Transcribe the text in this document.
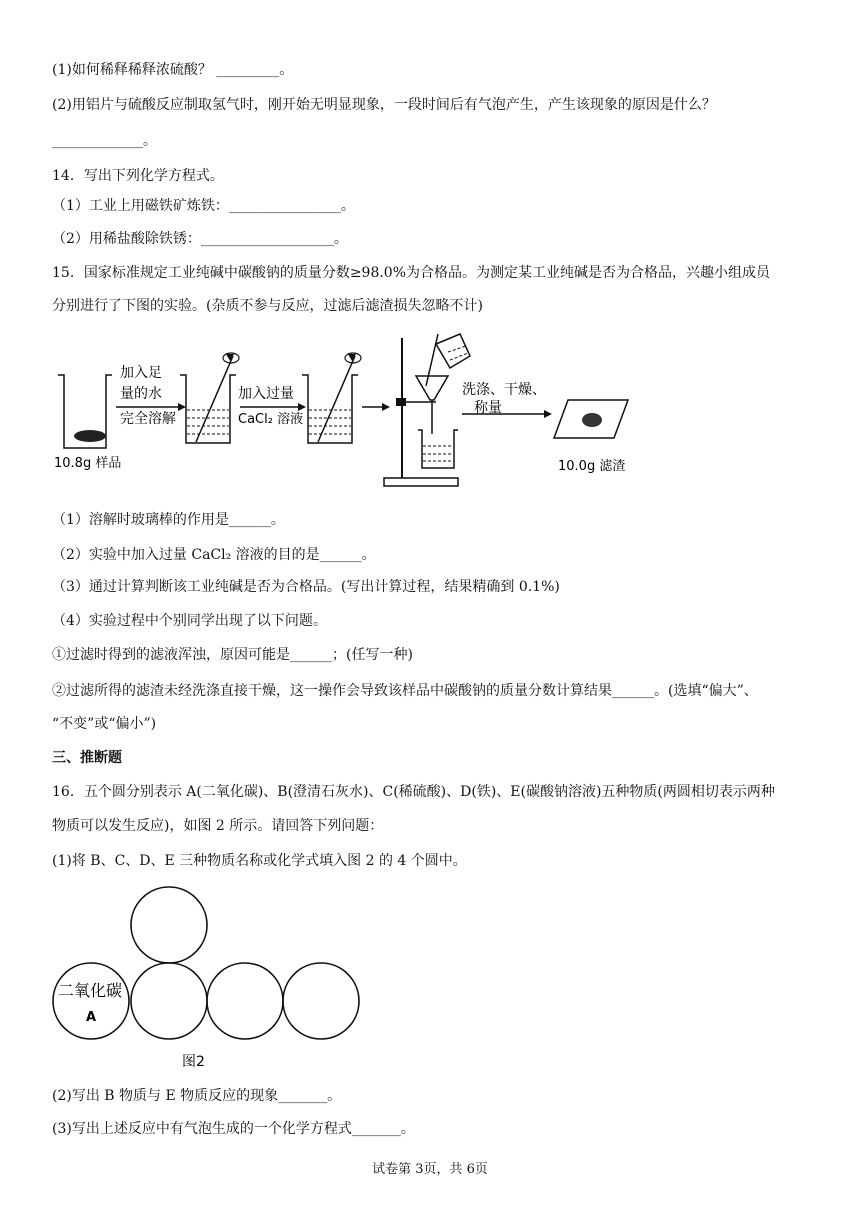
(1)如何稀释稀释浓硫酸？ _________。
(2)用铝片与硫酸反应制取氢气时，刚开始无明显现象，一段时间后有气泡产生，产生该现象的原因是什么？
_____________。
14．写出下列化学方程式。
（1）工业上用磁铁矿炼铁：________________。
（2）用稀盐酸除铁锈：___________________。
15．国家标准规定工业纯碱中碳酸钠的质量分数≥98.0%为合格品。为测定某工业纯碱是否为合格品，兴趣小组成员
分别进行了下图的实验。(杂质不参与反应，过滤后滤渣损失忽略不计)
10.8g 样品
加入足
量的水
完全溶解
加入过量
CaCl₂ 溶液
洗涤、干燥、
称量
10.0g 滤渣
（1）溶解时玻璃棒的作用是______。
（2）实验中加入过量 CaCl₂ 溶液的目的是______。
（3）通过计算判断该工业纯碱是否为合格品。(写出计算过程，结果精确到 0.1%)
（4）实验过程中个别同学出现了以下问题。
①过滤时得到的滤液浑浊，原因可能是______；(任写一种)
②过滤所得的滤渣未经洗涤直接干燥，这一操作会导致该样品中碳酸钠的质量分数计算结果______。(选填“偏大”、
“不变”或“偏小”)
三、推断题
16．五个圆分别表示 A(二氧化碳)、B(澄清石灰水)、C(稀硫酸)、D(铁)、E(碳酸钠溶液)五种物质(两圆相切表示两种
物质可以发生反应)，如图 2 所示。请回答下列问题：
(1)将 B、C、D、E 三种物质名称或化学式填入图 2 的 4 个圆中。
二氧化碳
A
图2
(2)写出 B 物质与 E 物质反应的现象_______。
(3)写出上述反应中有气泡生成的一个化学方程式_______。
试卷第 3页，共 6页
